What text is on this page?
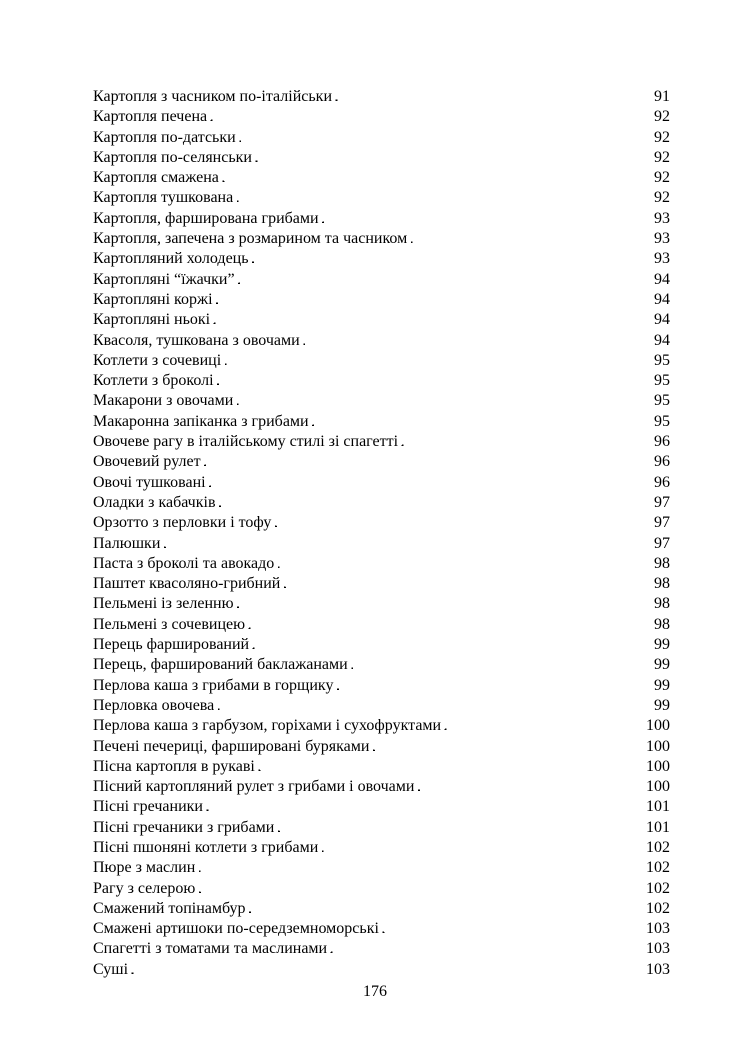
Картопля з часником по-італійськи . . .	91
Картопля печена . . .	92
Картопля по-датськи . . .	92
Картопля по-селянськи . . .	92
Картопля смажена . . .	92
Картопля тушкована . . .	92
Картопля, фарширована грибами . . .	93
Картопля, запечена з розмарином та часником . . .	93
Картопляний холодець . . .	93
Картопляні “їжачки” . . .	94
Картопляні коржі . . .	94
Картопляні ньокі . . .	94
Квасоля, тушкована з овочами . . .	94
Котлети з сочевиці . . .	95
Котлети з броколі . . .	95
Макарони з овочами . . .	95
Макаронна запіканка з грибами . . .	95
Овочеве рагу в італійському стилі зі спагетті . . .	96
Овочевий рулет . . .	96
Овочі тушковані . . .	96
Оладки з кабачків . . .	97
Орзотто з перловки і тофу . . .	97
Палюшки . . .	97
Паста з броколі та авокадо . . .	98
Паштет квасоляно-грибний . . .	98
Пельмені із зеленню . . .	98
Пельмені з сочевицею . . .	98
Перець фарширований . . .	99
Перець, фарширований баклажанами . . .	99
Перлова каша з грибами в горщику . . .	99
Перловка овочева . . .	99
Перлова каша з гарбузом, горіхами і сухофруктами . . .	100
Печені печериці, фаршировані буряками . . .	100
Пісна картопля в рукаві . . .	100
Пісний картопляний рулет з грибами і овочами . . .	100
Пісні гречаники . . .	101
Пісні гречаники з грибами . . .	101
Пісні пшоняні котлети з грибами . . .	102
Пюре з маслин . . .	102
Рагу з селерою . . .	102
Смажений топінамбур . . .	102
Смажені артишоки по-середземноморські . . .	103
Спагетті з томатами та маслинами . . .	103
Суші . . .	103
176
